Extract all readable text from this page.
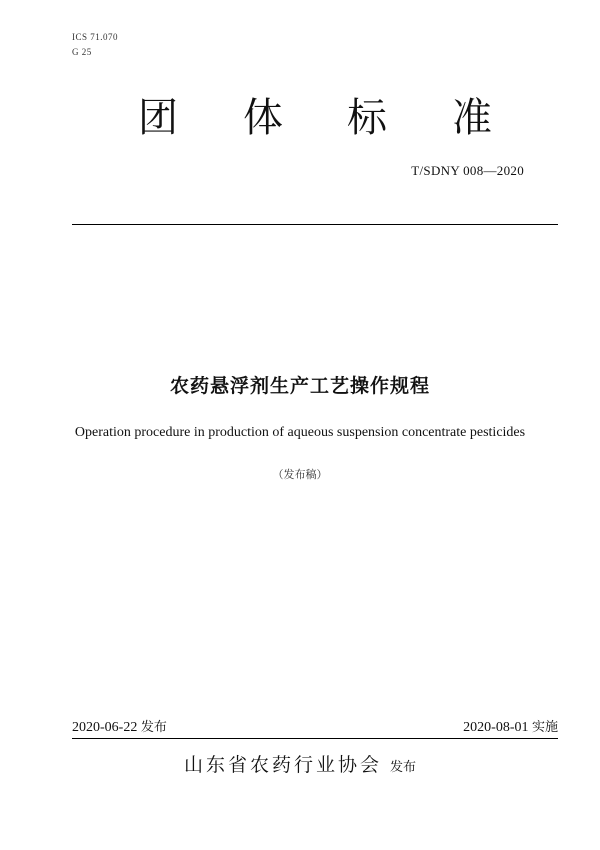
ICS 71.070
G 25
团 体 标 准
T/SDNY 008—2020
农药悬浮剂生产工艺操作规程
Operation procedure in production of aqueous suspension concentrate pesticides
（发布稿）
2020-06-22 发布	2020-08-01 实施
山东省农药行业协会 发布
